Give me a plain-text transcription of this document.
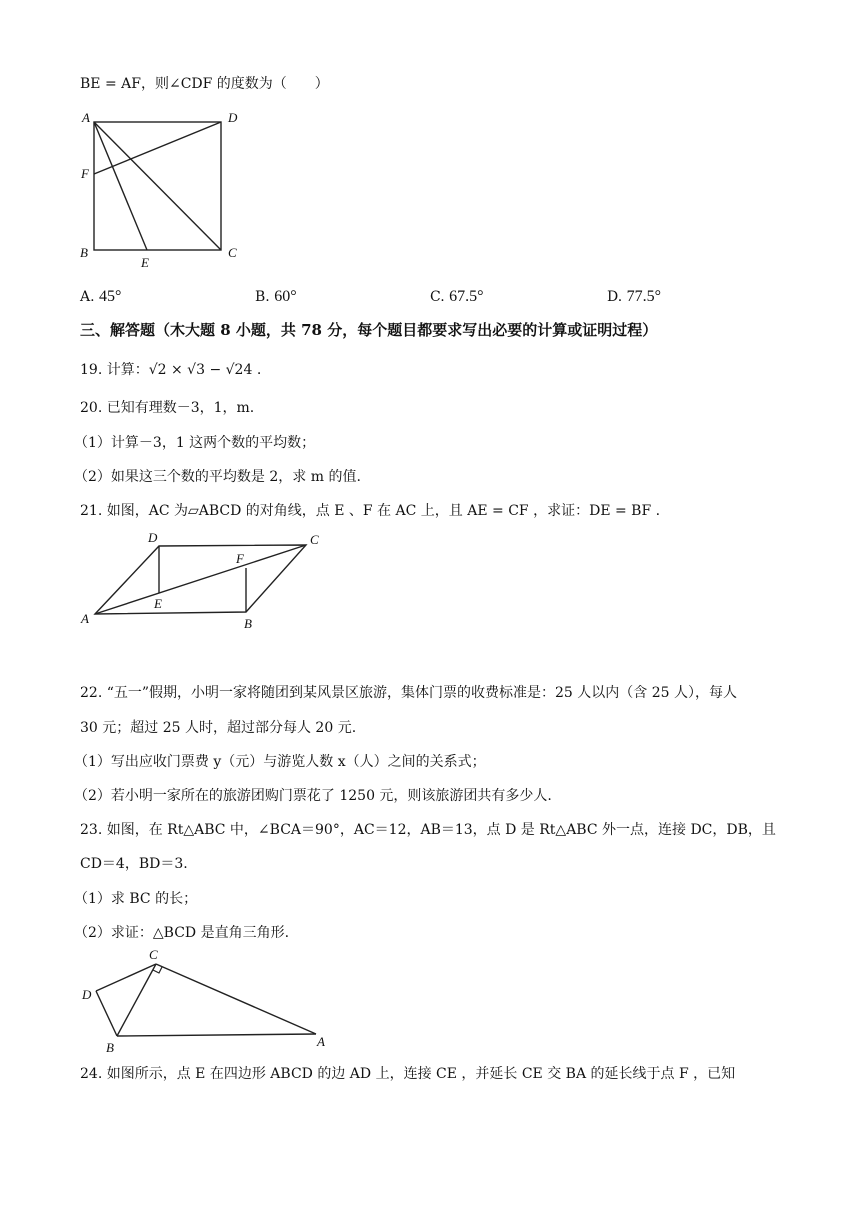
BE = AF，则∠CDF 的度数为（　　）
A	D
F
B	C
E
A. 45°	B. 60°	C. 67.5°	D. 77.5°
三、解答题（木大题 8 小题，共 78 分，每个题目都要求写出必要的计算或证明过程）
19. 计算：√2 × √3 − √24 .
20. 已知有理数－3，1，m.
（1）计算－3，1 这两个数的平均数；
（2）如果这三个数的平均数是 2，求 m 的值.
21. 如图，AC 为▱ABCD 的对角线，点 E 、F 在 AC 上，且 AE = CF ，求证：DE = BF .
A
D	C
B
E
F
22. “五一”假期，小明一家将随团到某风景区旅游，集体门票的收费标准是：25 人以内（含 25 人），每人
30 元；超过 25 人时，超过部分每人 20 元.
（1）写出应收门票费 y（元）与游览人数 x（人）之间的关系式；
（2）若小明一家所在的旅游团购门票花了 1250 元，则该旅游团共有多少人.
23. 如图，在 Rt△ABC 中，∠BCA＝90°，AC＝12，AB＝13，点 D 是 Rt△ABC 外一点，连接 DC，DB，且
CD＝4，BD＝3.
（1）求 BC 的长；
（2）求证：△BCD 是直角三角形.
C
D
B	A
24. 如图所示，点 E 在四边形 ABCD 的边 AD 上，连接 CE ，并延长 CE 交 BA 的延长线于点 F ，已知
